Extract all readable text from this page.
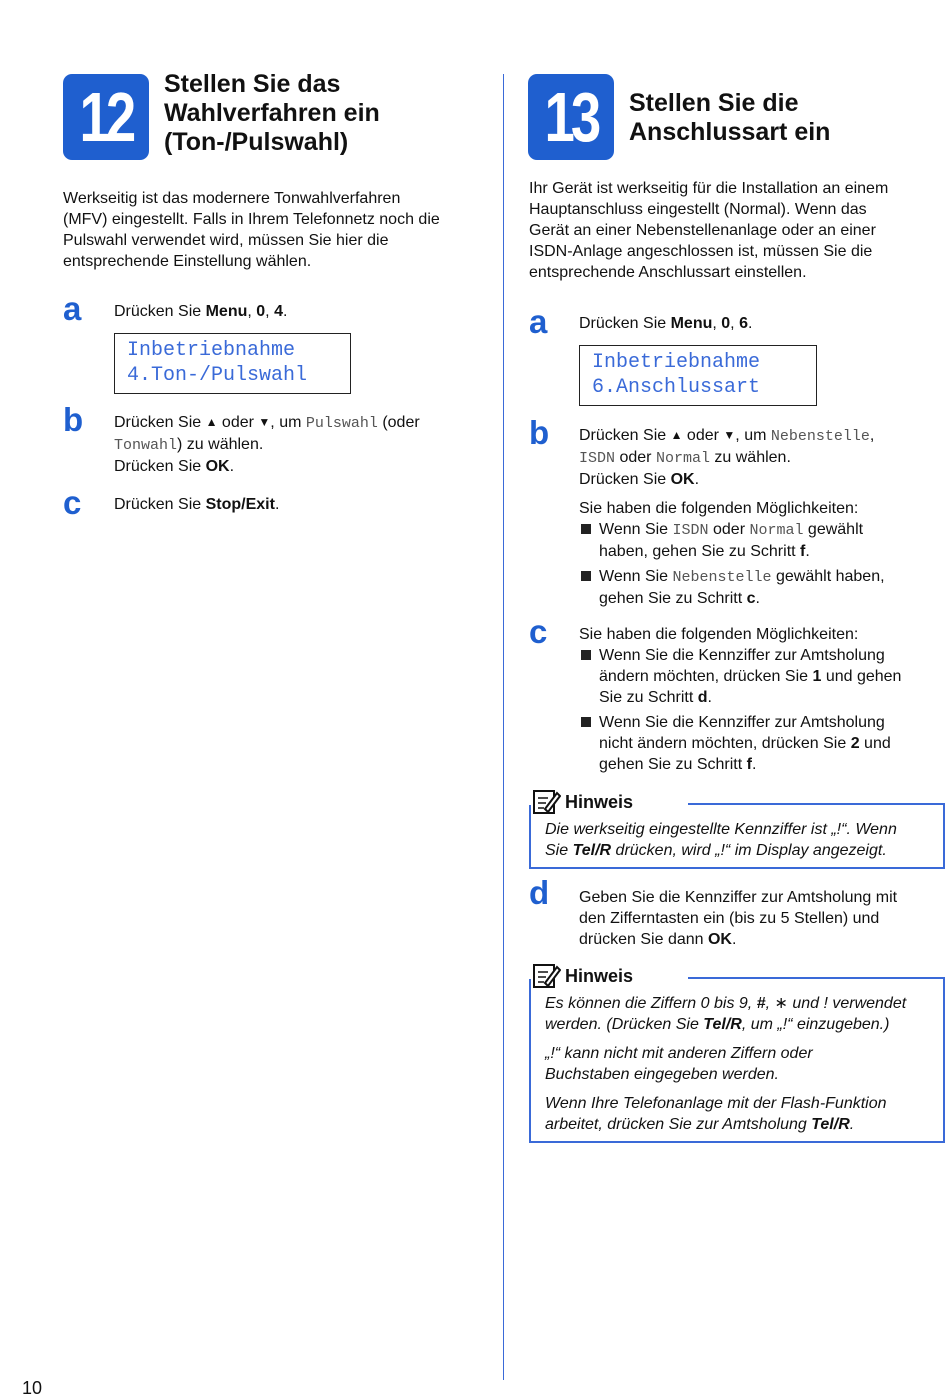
12 Stellen Sie das
Wahlverfahren ein
(Ton-/Pulswahl)
Werkseitig ist das modernere Tonwahlverfahren
(MFV) eingestellt. Falls in Ihrem Telefonnetz noch die
Pulswahl verwendet wird, müssen Sie hier die
entsprechende Einstellung wählen.
a Drücken Sie Menu, 0, 4.
Inbetriebnahme
4.Ton-/Pulswahl
b Drücken Sie ▲ oder ▼, um Pulswahl (oder
Tonwahl) zu wählen.
Drücken Sie OK.
c Drücken Sie Stop/Exit.
13 Stellen Sie die
Anschlussart ein
Ihr Gerät ist werkseitig für die Installation an einem
Hauptanschluss eingestellt (Normal). Wenn das
Gerät an einer Nebenstellenanlage oder an einer
ISDN-Anlage angeschlossen ist, müssen Sie die
entsprechende Anschlussart einstellen.
a Drücken Sie Menu, 0, 6.
Inbetriebnahme
6.Anschlussart
b Drücken Sie ▲ oder ▼, um Nebenstelle,
ISDN oder Normal zu wählen.
Drücken Sie OK.
Sie haben die folgenden Möglichkeiten:
Wenn Sie ISDN oder Normal gewählt
haben, gehen Sie zu Schritt f.
Wenn Sie Nebenstelle gewählt haben,
gehen Sie zu Schritt c.
c Sie haben die folgenden Möglichkeiten:
Wenn Sie die Kennziffer zur Amtsholung
ändern möchten, drücken Sie 1 und gehen
Sie zu Schritt d.
Wenn Sie die Kennziffer zur Amtsholung
nicht ändern möchten, drücken Sie 2 und
gehen Sie zu Schritt f.
Hinweis
Die werkseitig eingestellte Kennziffer ist „!“. Wenn
Sie Tel/R drücken, wird „!“ im Display angezeigt.
d Geben Sie die Kennziffer zur Amtsholung mit
den Zifferntasten ein (bis zu 5 Stellen) und
drücken Sie dann OK.
Hinweis
Es können die Ziffern 0 bis 9, #, ∗ und ! verwendet
werden. (Drücken Sie Tel/R, um „!“ einzugeben.)
„!“ kann nicht mit anderen Ziffern oder
Buchstaben eingegeben werden.
Wenn Ihre Telefonanlage mit der Flash-Funktion
arbeitet, drücken Sie zur Amtsholung Tel/R.
10
